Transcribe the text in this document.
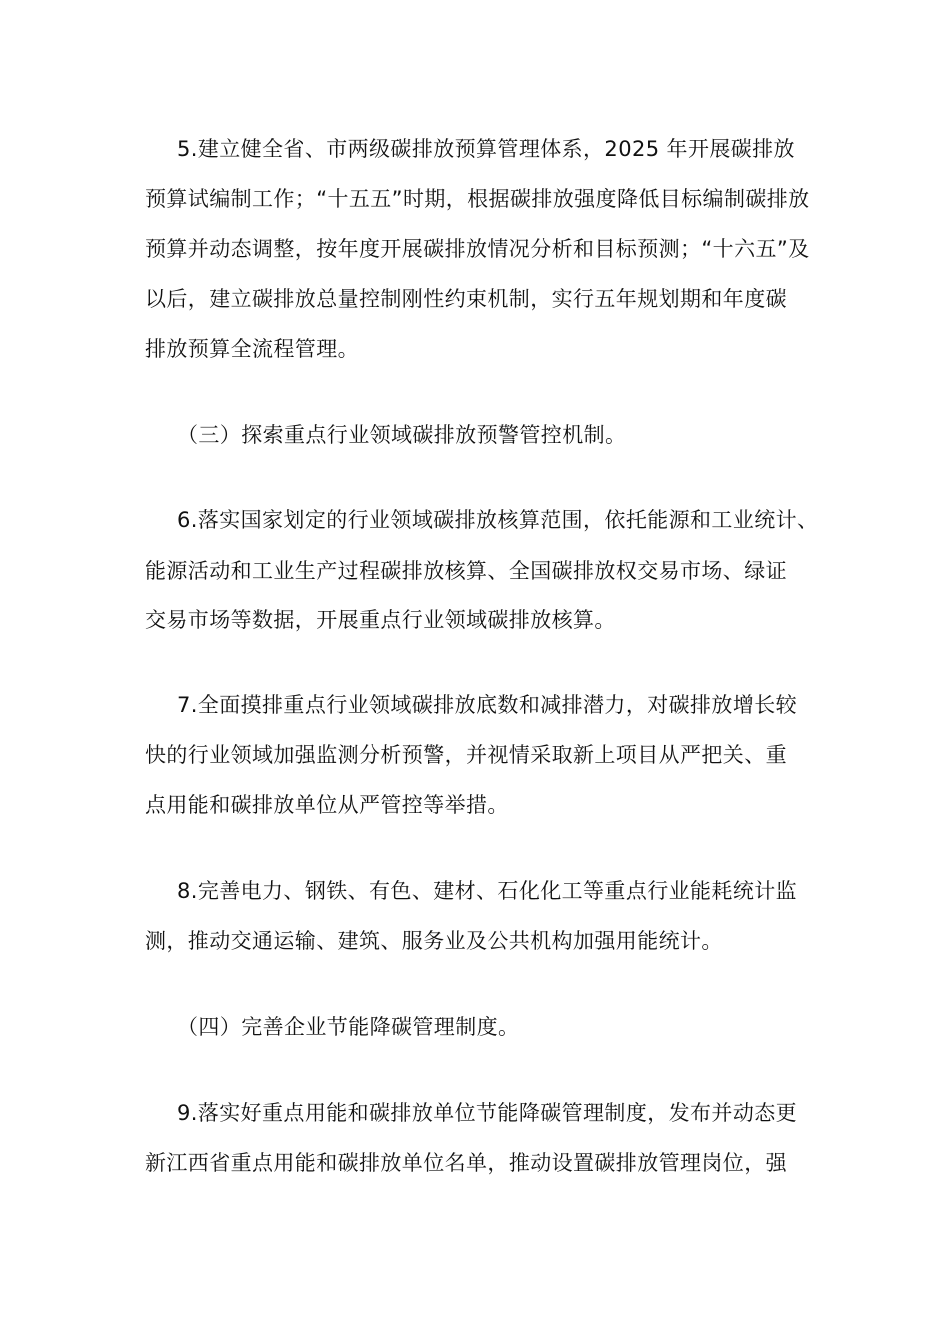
5.建立健全省、市两级碳排放预算管理体系，2025 年开展碳排放
预算试编制工作；“十五五”时期，根据碳排放强度降低目标编制碳排放
预算并动态调整，按年度开展碳排放情况分析和目标预测；“十六五”及
以后，建立碳排放总量控制刚性约束机制，实行五年规划期和年度碳
排放预算全流程管理。
（三）探索重点行业领域碳排放预警管控机制。
6.落实国家划定的行业领域碳排放核算范围，依托能源和工业统计、
能源活动和工业生产过程碳排放核算、全国碳排放权交易市场、绿证
交易市场等数据，开展重点行业领域碳排放核算。
7.全面摸排重点行业领域碳排放底数和减排潜力，对碳排放增长较
快的行业领域加强监测分析预警，并视情采取新上项目从严把关、重
点用能和碳排放单位从严管控等举措。
8.完善电力、钢铁、有色、建材、石化化工等重点行业能耗统计监
测，推动交通运输、建筑、服务业及公共机构加强用能统计。
（四）完善企业节能降碳管理制度。
9.落实好重点用能和碳排放单位节能降碳管理制度，发布并动态更
新江西省重点用能和碳排放单位名单，推动设置碳排放管理岗位，强
